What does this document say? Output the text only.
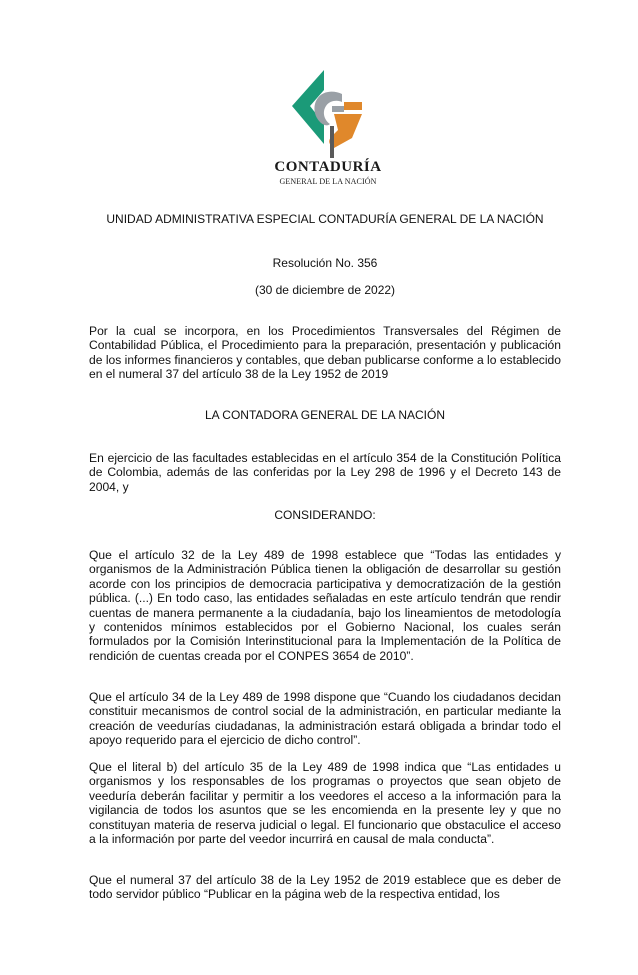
CONTADURÍA
GENERAL DE LA NACIÓN
UNIDAD ADMINISTRATIVA ESPECIAL CONTADURÍA GENERAL DE LA NACIÓN
Resolución No. 356
(30 de diciembre de 2022)
Por la cual se incorpora, en los Procedimientos Transversales del Régimen de Contabilidad Pública, el Procedimiento para la preparación, presentación y publicación de los informes financieros y contables, que deban publicarse conforme a lo establecido en el numeral 37 del artículo 38 de la Ley 1952 de 2019
LA CONTADORA GENERAL DE LA NACIÓN
En ejercicio de las facultades establecidas en el artículo 354 de la Constitución Política de Colombia, además de las conferidas por la Ley 298 de 1996 y el Decreto 143 de 2004, y
CONSIDERANDO:
Que el artículo 32 de la Ley 489 de 1998 establece que “Todas las entidades y organismos de la Administración Pública tienen la obligación de desarrollar su gestión acorde con los principios de democracia participativa y democratización de la gestión pública. (...) En todo caso, las entidades señaladas en este artículo tendrán que rendir cuentas de manera permanente a la ciudadanía, bajo los lineamientos de metodología y contenidos mínimos establecidos por el Gobierno Nacional, los cuales serán formulados por la Comisión Interinstitucional para la Implementación de la Política de rendición de cuentas creada por el CONPES 3654 de 2010”.
Que el artículo 34 de la Ley 489 de 1998 dispone que “Cuando los ciudadanos decidan constituir mecanismos de control social de la administración, en particular mediante la creación de veedurías ciudadanas, la administración estará obligada a brindar todo el apoyo requerido para el ejercicio de dicho control”.
Que el literal b) del artículo 35 de la Ley 489 de 1998 indica que “Las entidades u organismos y los responsables de los programas o proyectos que sean objeto de veeduría deberán facilitar y permitir a los veedores el acceso a la información para la vigilancia de todos los asuntos que se les encomienda en la presente ley y que no constituyan materia de reserva judicial o legal. El funcionario que obstaculice el acceso a la información por parte del veedor incurrirá en causal de mala conducta”.
Que el numeral 37 del artículo 38 de la Ley 1952 de 2019 establece que es deber de todo servidor público “Publicar en la página web de la respectiva entidad, los
